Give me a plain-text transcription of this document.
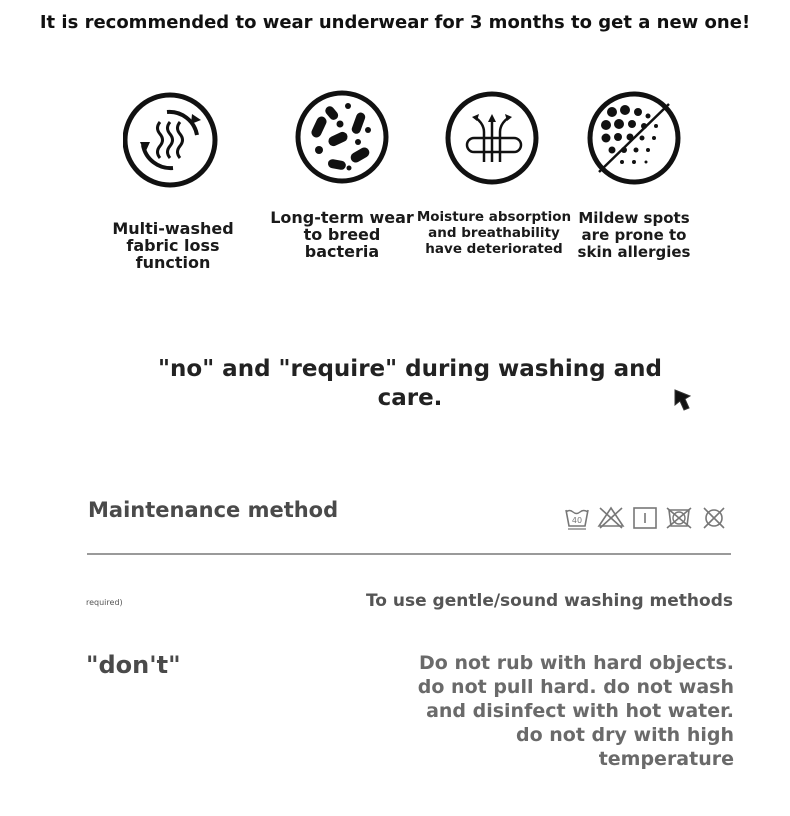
It is recommended to wear underwear for 3 months to get a new one!
Multi-washed
fabric loss function
Long-term wear
to breed
bacteria
Moisture absorption
and breathability
have deteriorated
Mildew spots
are prone to
skin allergies
"no" and "require" during washing and
care.
Maintenance method	40
required)	To use gentle/sound washing methods
"don't"	Do not rub with hard objects.
do not pull hard. do not wash
and disinfect with hot water.
do not dry with high
temperature
